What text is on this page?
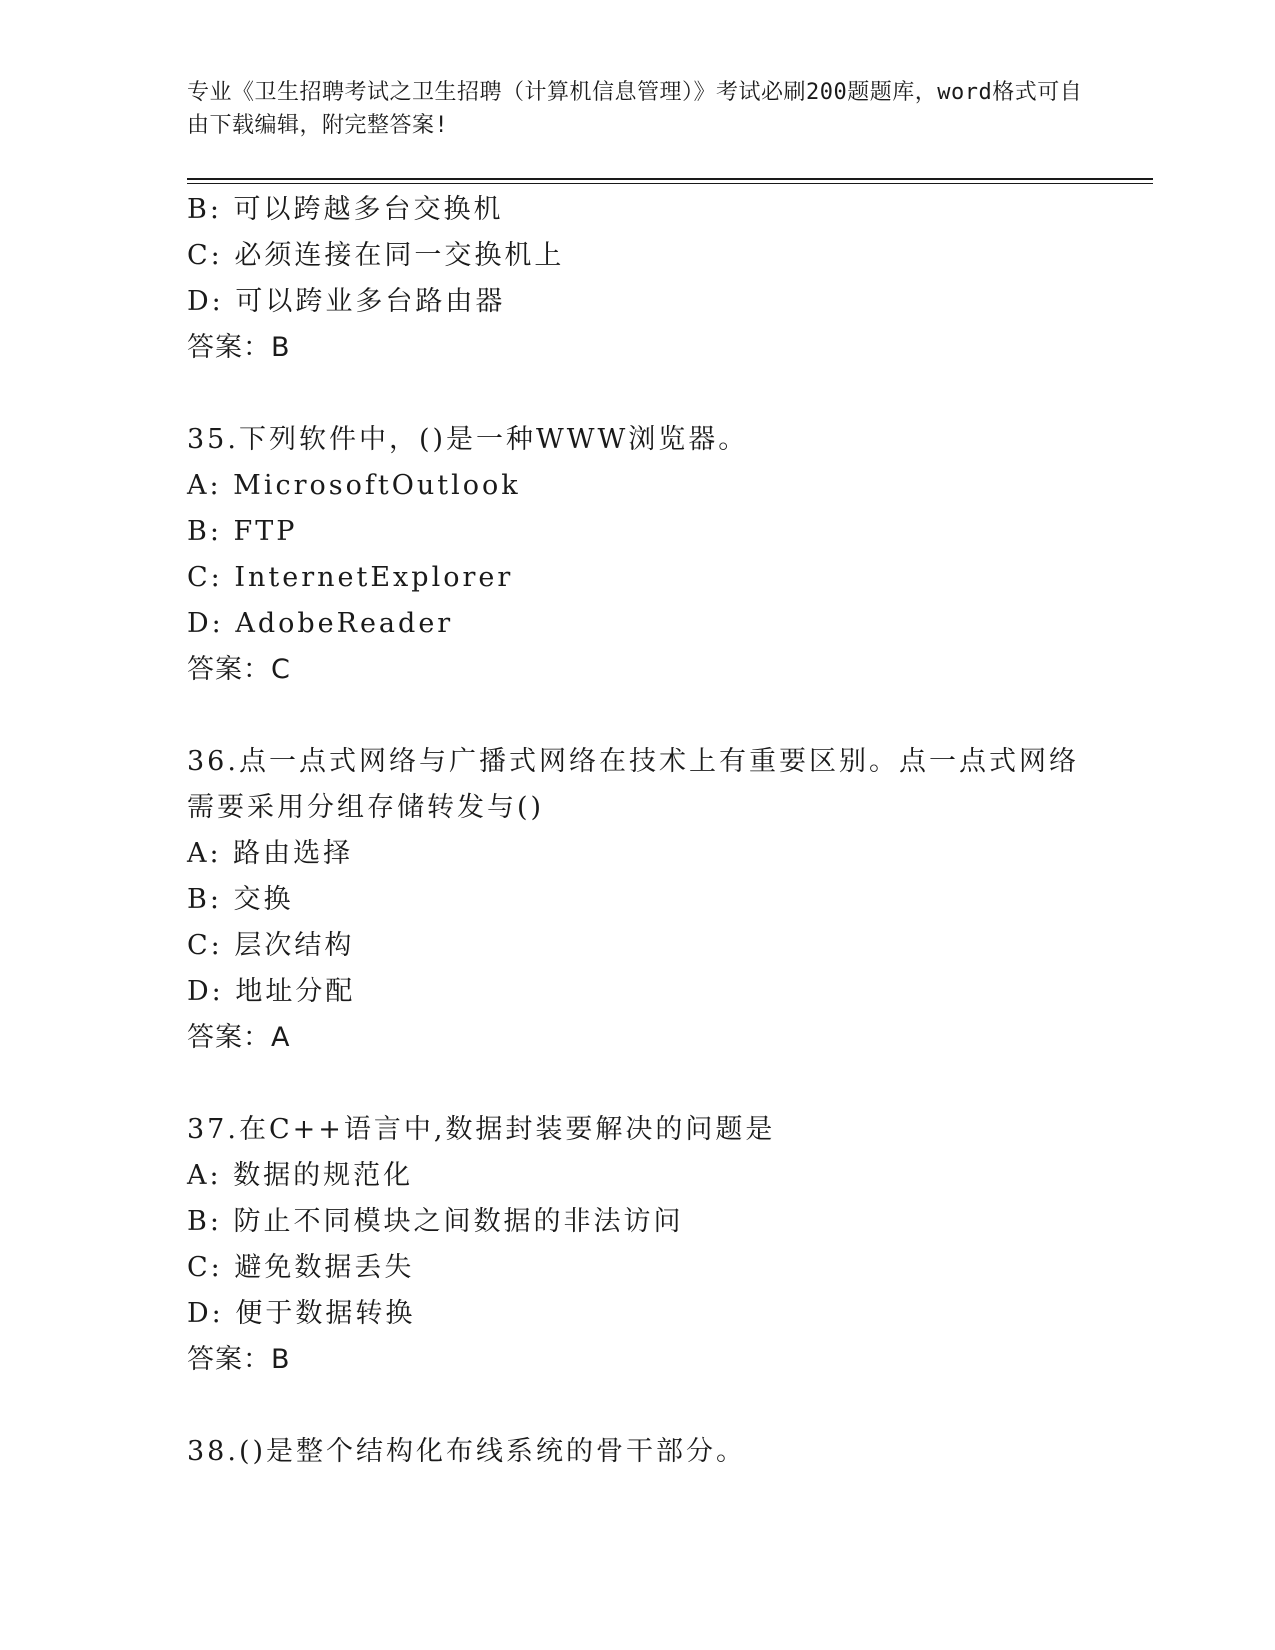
专业《卫生招聘考试之卫生招聘（计算机信息管理）》考试必刷200题题库，word格式可自由下载编辑，附完整答案!
B: 可以跨越多台交换机
C: 必须连接在同一交换机上
D: 可以跨业多台路由器
答案：B
35.下列软件中，()是一种WWW浏览器。
A: MicrosoftOutlook
B: FTP
C: InternetExplorer
D: AdobeReader
答案：C
36.点一点式网络与广播式网络在技术上有重要区别。点一点式网络需要采用分组存储转发与()
A: 路由选择
B: 交换
C: 层次结构
D: 地址分配
答案：A
37.在C++语言中,数据封装要解决的问题是
A: 数据的规范化
B: 防止不同模块之间数据的非法访问
C: 避免数据丢失
D: 便于数据转换
答案：B
38.()是整个结构化布线系统的骨干部分。
